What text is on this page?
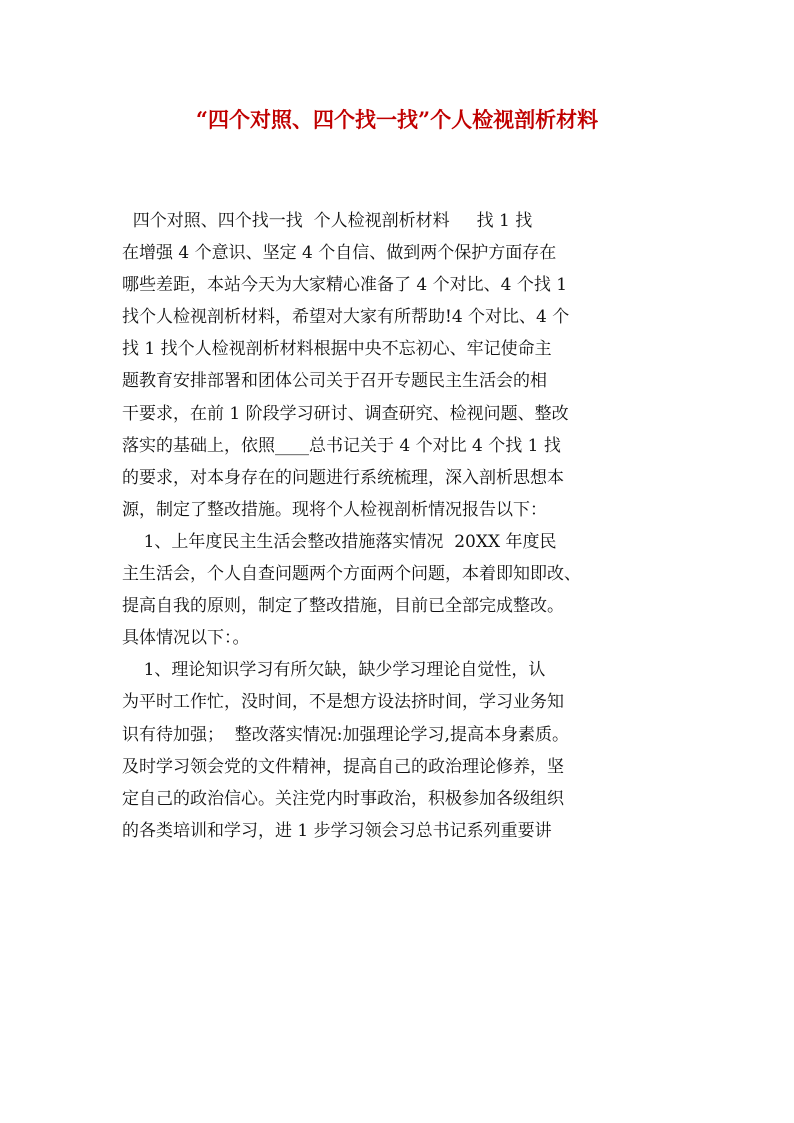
“四个对照、四个找一找”个人检视剖析材料
四个对照、四个找一找  个人检视剖析材料     找 1 找
在增强 4 个意识、坚定 4 个自信、做到两个保护方面存在
哪些差距，本站今天为大家精心准备了 4 个对比、4 个找 1
找个人检视剖析材料，希望对大家有所帮助!4 个对比、4 个
找 1 找个人检视剖析材料根据中央不忘初心、牢记使命主
题教育安排部署和团体公司关于召开专题民主生活会的相
干要求，在前 1 阶段学习研讨、调查研究、检视问题、整改
落实的基础上，依照____总书记关于 4 个对比 4 个找 1 找
的要求，对本身存在的问题进行系统梳理，深入剖析思想本
源，制定了整改措施。现将个人检视剖析情况报告以下：
1、上年度民主生活会整改措施落实情况  20XX 年度民
主生活会，个人自查问题两个方面两个问题，本着即知即改、
提高自我的原则，制定了整改措施，目前已全部完成整改。
具体情况以下：。
1、理论知识学习有所欠缺，缺少学习理论自觉性，认
为平时工作忙，没时间，不是想方设法挤时间，学习业务知
识有待加强；  整改落实情况:加强理论学习,提高本身素质。
及时学习领会党的文件精神，提高自己的政治理论修养，坚
定自己的政治信心。关注党内时事政治，积极参加各级组织
的各类培训和学习，进 1 步学习领会习总书记系列重要讲
